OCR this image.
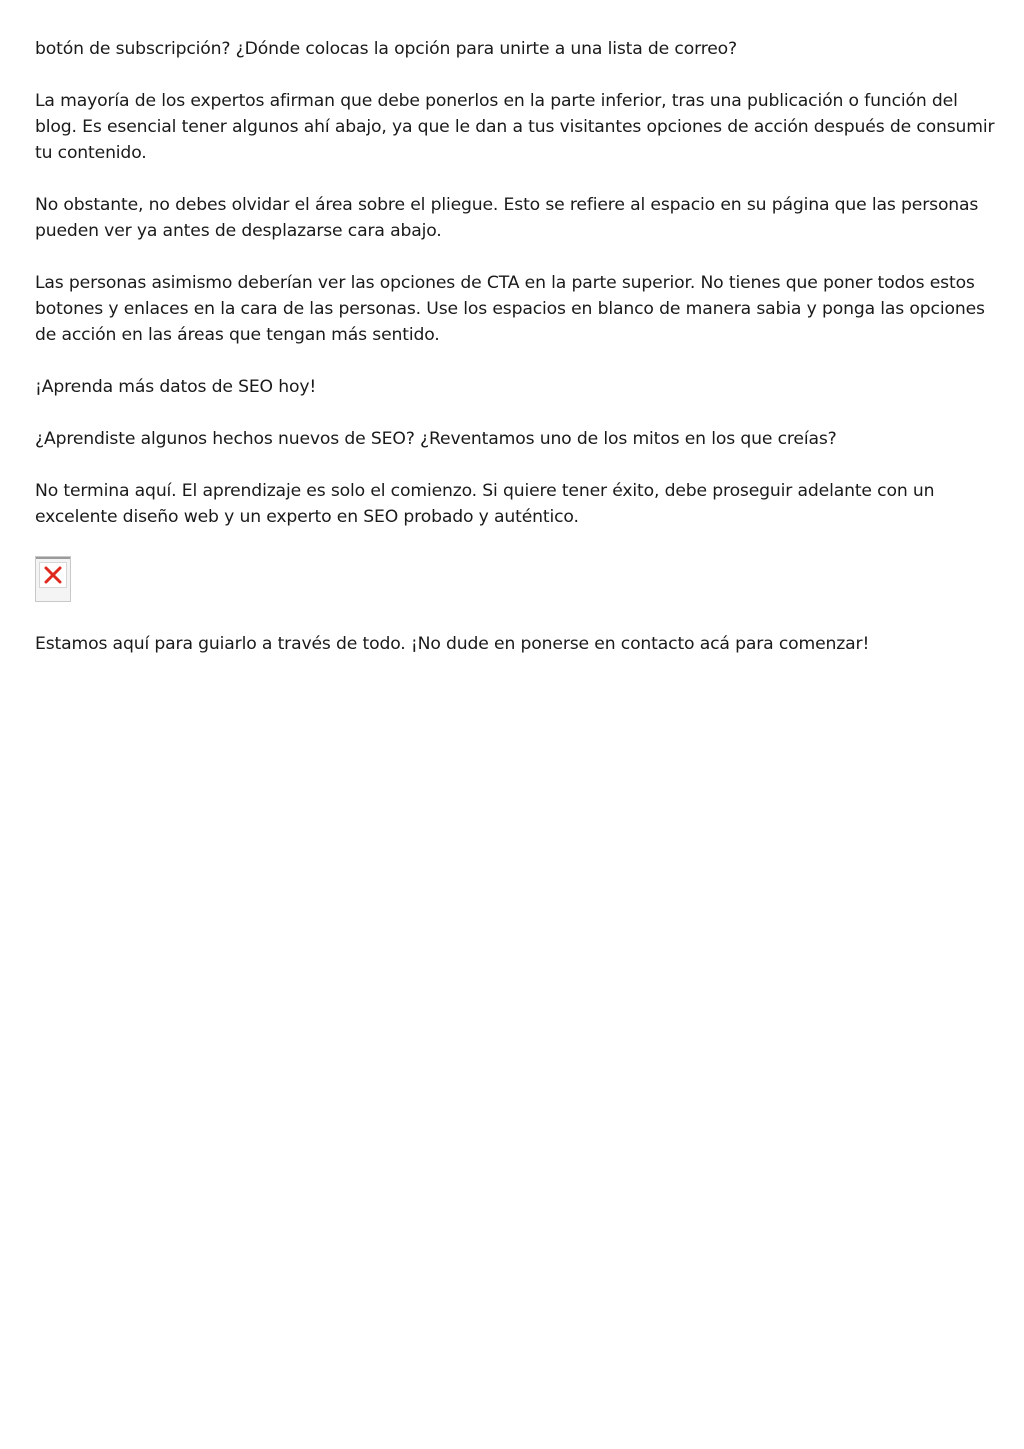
botón de subscripción? ¿Dónde colocas la opción para unirte a una lista de correo?

La mayoría de los expertos afirman que debe ponerlos en la parte inferior, tras una publicación o función del blog. Es esencial tener algunos ahí abajo, ya que le dan a tus visitantes opciones de acción después de consumir tu contenido.

No obstante, no debes olvidar el área sobre el pliegue. Esto se refiere al espacio en su página que las personas pueden ver ya antes de desplazarse cara abajo.

Las personas asimismo deberían ver las opciones de CTA en la parte superior. No tienes que poner todos estos botones y enlaces en la cara de las personas. Use los espacios en blanco de manera sabia y ponga las opciones de acción en las áreas que tengan más sentido.

¡Aprenda más datos de SEO hoy!

¿Aprendiste algunos hechos nuevos de SEO? ¿Reventamos uno de los mitos en los que creías?

No termina aquí. El aprendizaje es solo el comienzo. Si quiere tener éxito, debe proseguir adelante con un excelente diseño web y un experto en SEO probado y auténtico.

Estamos aquí para guiarlo a través de todo. ¡No dude en ponerse en contacto acá para comenzar!
